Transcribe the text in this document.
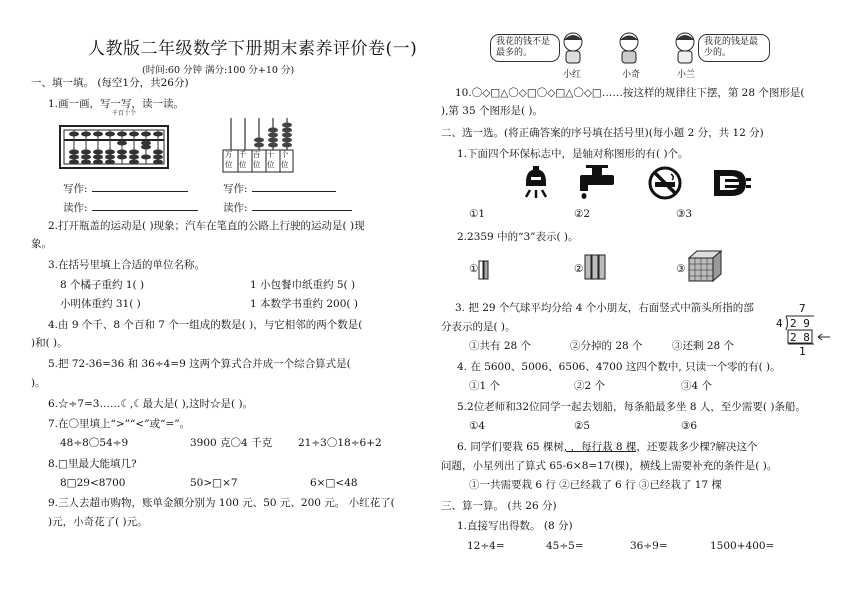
人教版二年级数学下册期末素养评价卷(一)
(时间:60 分钟 满分:100 分+10 分)
一、填一填。 (每空1分，共26分)
1.画一画，写一写，读一读。
千百十个
万位
千位
百位
十位
个位
写作:	写作:
读作:	读作:
2.打开瓶盖的运动是( )现象；汽车在笔直的公路上行驶的运动是( )现
象。
3.在括号里填上合适的单位名称。
8 个橘子重约 1( )	1 小包餐巾纸重约 5( )
小明体重约 31( )	1 本数学书重约 200( )
4.由 9 个千、8 个百和 7 个一组成的数是( )，与它相邻的两个数是(
)和( )。
5.把 72-36=36 和 36÷4=9 这两个算式合并成一个综合算式是(
)。
6.☆÷7=3……☾,☾最大是( ),这时☆是( )。
7.在〇里填上“>”“<”或“=”。
48÷8〇54÷9	3900 克〇4 千克 21÷3〇18÷6+2
8.□里最大能填几?
8□29<8700	50>□×7	6×□<48
9.三人去超市购物，账单金额分别为 100 元、50 元、200 元。 小红花了(
)元，小奇花了( )元。
我花的钱不是最多的。
我花的钱是最少的。
小红	小奇	小兰
10.〇◇□△〇◇□〇◇□△〇◇□……按这样的规律往下摆，第 28 个图形是(
),第 35 个图形是( )。
二、选一选。(将正确答案的序号填在括号里)(每小题 2 分，共 12 分)
1.下面四个环保标志中，是轴对称图形的有( )个。
①1	②2	③3
2.2359 中的“3”表示( )。
①	②	③
3. 把 29 个气球平均分给 4 个小朋友，右面竖式中箭头所指的部
分表示的是( )。
①共有 28 个	②分掉的 28 个	③还剩 28 个
7
4 2 9
2 8
1
4. 在 5600、5006、6506、4700 这四个数中, 只读一个零的有( )。
①1 个	②2 个	③4 个
5.2位老师和32位同学一起去划船，每条船最多坐 8 人，至少需要( )条船。
①4	②5	③6
6. 同学们要栽 65 棵树, ，每行栽 8 棵，还要栽多少棵?解决这个
问题，小星列出了算式 65-6×8=17(棵)，横线上需要补充的条件是( )。
①一共需要栽 6 行 ②已经栽了 6 行 ③已经栽了 17 棵
三、算一算。 (共 26 分)
1.直接写出得数。 (8 分)
12÷4=	45÷5=	36÷9=	1500+400=
